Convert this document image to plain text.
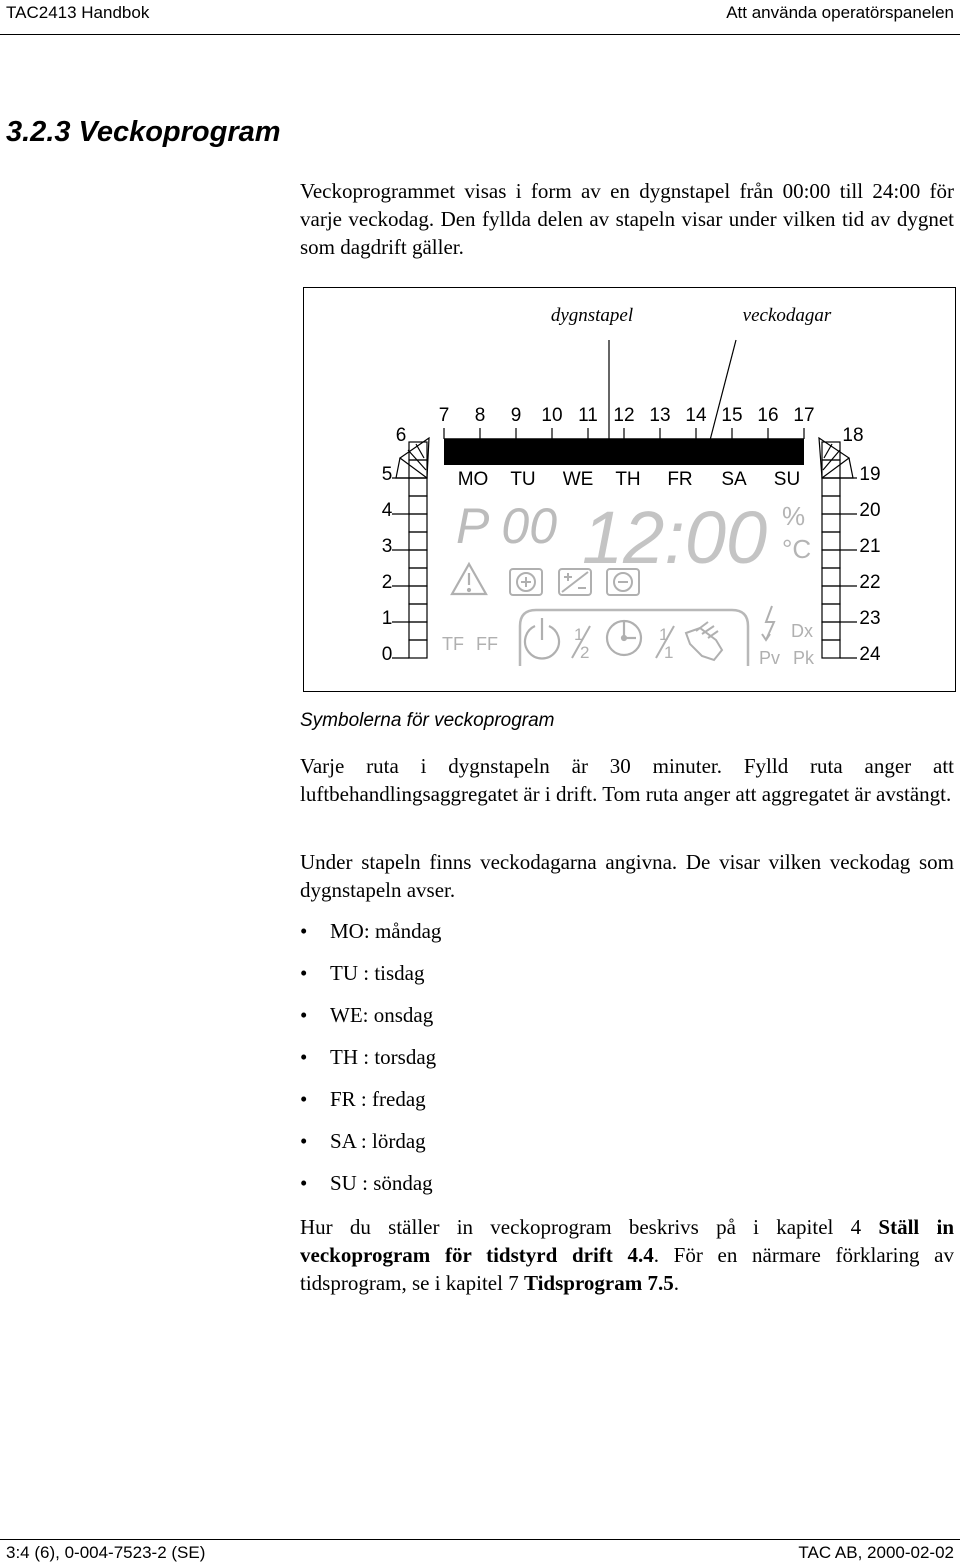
TAC2413 Handbok	Att använda operatörspanelen
3.2.3 Veckoprogram
Veckoprogrammet visas i form av en dygnstapel från 00:00 till 24:00 för varje veckodag. Den fyllda delen av stapeln visar under vilken tid av dygnet som dagdrift gäller.
dygnstapel	veckodagar
7 8 9 10 11 12 13 14 15 16 17
6	18
5
4
3
2
1
0
19
20
21
22
23
24
MO TU WE TH FR SA SU
P 00 12:00 %
°C
TF FF	1
2
1
1
Dx
Pv Pk
Symbolerna för veckoprogram
Varje ruta i dygnstapeln är 30 minuter. Fylld ruta anger att luftbehandlingsaggregatet är i drift. Tom ruta anger att aggregatet är avstängt.
Under stapeln finns veckodagarna angivna. De visar vilken veckodag som dygnstapeln avser.
• MO: måndag
• TU : tisdag
• WE: onsdag
• TH : torsdag
• FR : fredag
• SA : lördag
• SU : söndag
Hur du ställer in veckoprogram beskrivs på i kapitel 4 Ställ in veckoprogram för tidstyrd drift 4.4. För en närmare förklaring av tidsprogram, se i kapitel 7 Tidsprogram 7.5.
3:4 (6), 0-004-7523-2 (SE)	TAC AB, 2000-02-02
